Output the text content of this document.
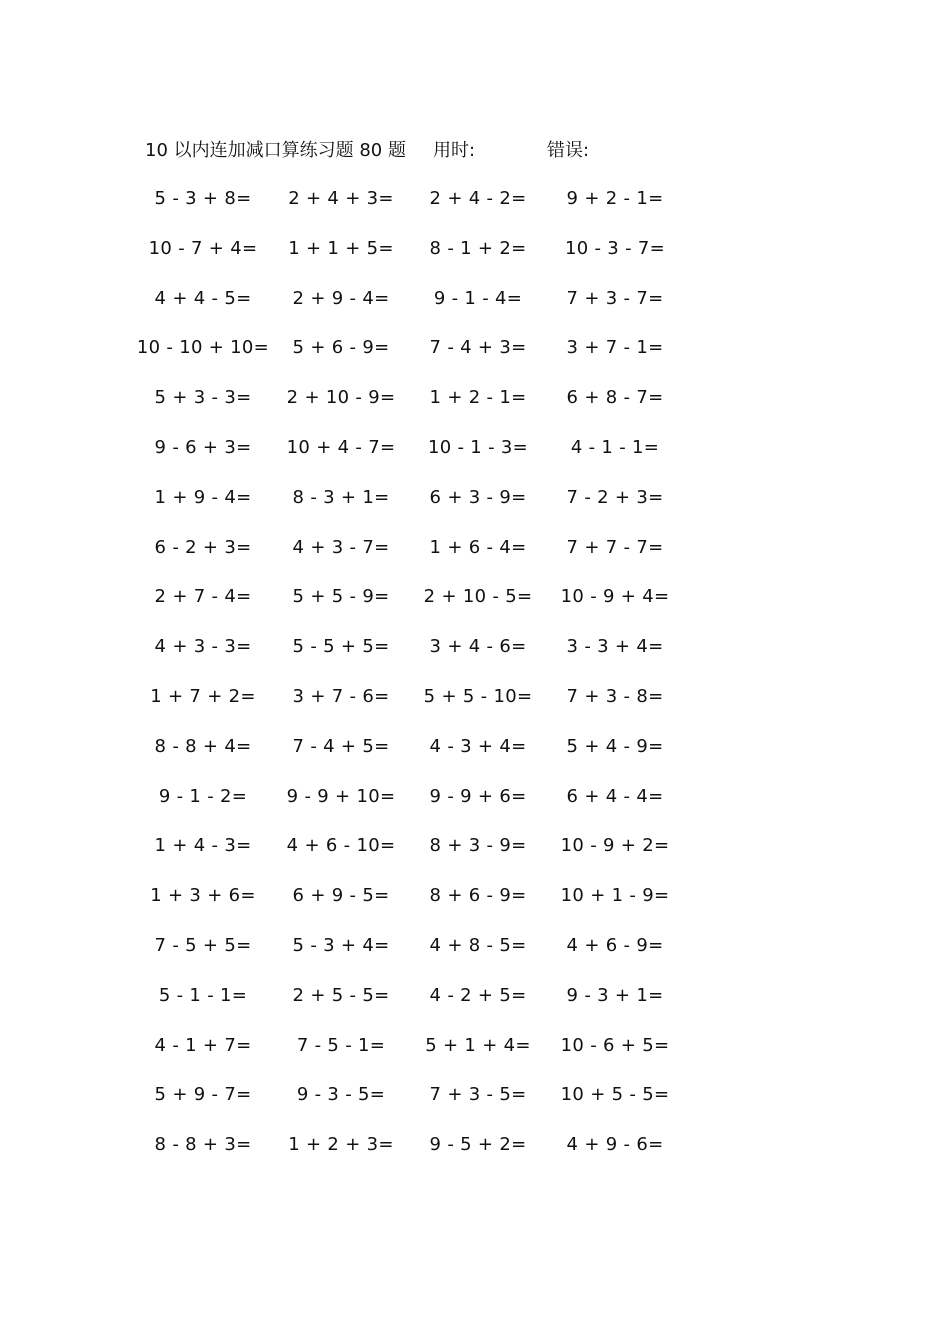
10 以内连加减口算练习题 80 题 用时:	错误:
5 - 3 + 8=	2 + 4 + 3=	2 + 4 - 2=	9 + 2 - 1=
10 - 7 + 4=	1 + 1 + 5=	8 - 1 + 2=	10 - 3 - 7=
4 + 4 - 5=	2 + 9 - 4=	9 - 1 - 4=	7 + 3 - 7=
10 - 10 + 10=	5 + 6 - 9=	7 - 4 + 3=	3 + 7 - 1=
5 + 3 - 3=	2 + 10 - 9=	1 + 2 - 1=	6 + 8 - 7=
9 - 6 + 3=	10 + 4 - 7=	10 - 1 - 3=	4 - 1 - 1=
1 + 9 - 4=	8 - 3 + 1=	6 + 3 - 9=	7 - 2 + 3=
6 - 2 + 3=	4 + 3 - 7=	1 + 6 - 4=	7 + 7 - 7=
2 + 7 - 4=	5 + 5 - 9=	2 + 10 - 5=	10 - 9 + 4=
4 + 3 - 3=	5 - 5 + 5=	3 + 4 - 6=	3 - 3 + 4=
1 + 7 + 2=	3 + 7 - 6=	5 + 5 - 10=	7 + 3 - 8=
8 - 8 + 4=	7 - 4 + 5=	4 - 3 + 4=	5 + 4 - 9=
9 - 1 - 2=	9 - 9 + 10=	9 - 9 + 6=	6 + 4 - 4=
1 + 4 - 3=	4 + 6 - 10=	8 + 3 - 9=	10 - 9 + 2=
1 + 3 + 6=	6 + 9 - 5=	8 + 6 - 9=	10 + 1 - 9=
7 - 5 + 5=	5 - 3 + 4=	4 + 8 - 5=	4 + 6 - 9=
5 - 1 - 1=	2 + 5 - 5=	4 - 2 + 5=	9 - 3 + 1=
4 - 1 + 7=	7 - 5 - 1=	5 + 1 + 4=	10 - 6 + 5=
5 + 9 - 7=	9 - 3 - 5=	7 + 3 - 5=	10 + 5 - 5=
8 - 8 + 3=	1 + 2 + 3=	9 - 5 + 2=	4 + 9 - 6=
